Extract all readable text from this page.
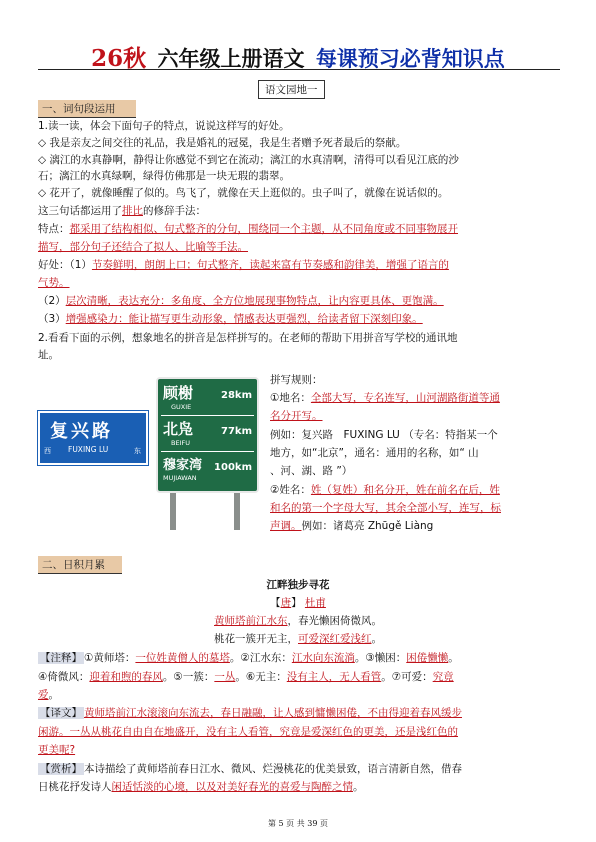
26秋 六年级上册语文 每课预习必背知识点
语文园地一
一、词句段运用
1.读一读，体会下面句子的特点，说说这样写的好处。
◇ 我是亲友之间交往的礼品，我是婚礼的冠冕，我是生者赠予死者最后的祭献。
◇ 漓江的水真静啊，静得让你感觉不到它在流动；漓江的水真清啊，清得可以看见江底的沙
石；漓江的水真绿啊，绿得仿佛那是一块无瑕的翡翠。
◇ 花开了，就像睡醒了似的。鸟飞了，就像在天上逛似的。虫子叫了，就像在说话似的。
这三句话都运用了排比的修辞手法：
特点：都采用了结构相似、句式整齐的分句，围绕同一个主题，从不同角度或不同事物展开
描写，部分句子还结合了拟人、比喻等手法。
好处：（1）节奏鲜明，朗朗上口；句式整齐，读起来富有节奏感和韵律美，增强了语言的
气势。
（2）层次清晰，表达充分：多角度、全方位地展现事物特点，让内容更具体、更饱满。
（3）增强感染力：能让描写更生动形象，情感表达更强烈，给读者留下深刻印象。
2.看看下面的示例，想象地名的拼音是怎样拼写的。在老师的帮助下用拼音写学校的通讯地
址。
复兴路
西 FUXING LU	东
顾榭
GUXIE
28km
北凫
BEIFU
77km
穆家湾
MUJIAWAN
100km
拼写规则：
①地名：全部大写，专名连写，山河湖路街道等通
名分开写。
例如：复兴路　FUXING LU （专名：特指某一个
地方，如“北京”，通名：通用的名称，如“ 山
、河、湖、路 ”）
②姓名：姓（复姓）和名分开，姓在前名在后，姓
和名的第一个字母大写，其余全部小写，连写，标
声调。例如：诸葛亮 Zhūgě Liàng
二、日积月累
江畔独步寻花
【唐】 杜甫
黄师塔前江水东，春光懒困倚微风。
桃花一簇开无主，可爱深红爱浅红。
【注释】 ①黄师塔：一位姓黄僧人的墓塔。②江水东：江水向东流淌。③懒困：困倦懒懒。
④倚微风：迎着和煦的春风。⑤一簇：一丛。⑥无主：没有主人，无人看管。⑦可爱：究竟
爱。
【译文】 黄师塔前江水滚滚向东流去，春日融融，让人感到慵懒困倦，不由得迎着春风缓步
闲游。一丛从桃花自由自在地盛开，没有主人看管，究竟是爱深红色的更美，还是浅红色的
更美呢?
【赏析】 本诗描绘了黄师塔前春日江水、微风、烂漫桃花的优美景致，语言清新自然，借春
日桃花抒发诗人闲适恬淡的心境，以及对美好春光的喜爱与陶醉之情。
第 5 页 共 39 页
